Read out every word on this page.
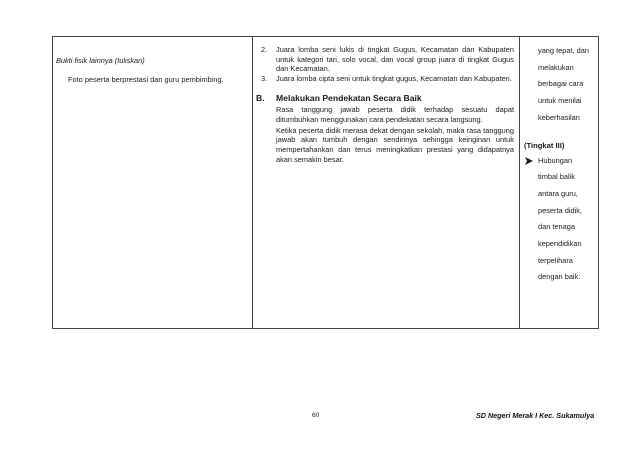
Bukti fisik lainnya (tuliskan)
Foto peserta berprestasi dan guru pembimbing.
2. Juara lomba seni lukis di tingkat Gugus, Kecamatan dan Kabupaten untuk kategori tari, solo vocal, dan vocal group juara di tingkat Gugus dan Kecamatan.
3. Juara lomba cipta seni untuk tingkat gugus, Kecamatan dan Kabupaten.
B. Melakukan Pendekatan Secara Baik
Rasa tanggung jawab peserta didik terhadap sesuatu dapat ditumbuhkan menggunakan cara pendekatan secara langsung.
Ketika peserta didik merasa dekat dengan sekolah, maka rasa tanggung jawab akan tumbuh dengan sendirinya sehingga keinginan untuk mempertahankan dan terus meningkatkan prestasi yang didapatnya akan semakin besar.
yang tepat, dan
melakukan
berbagai cara
untuk menilai
keberhasilan
(Tingkat III)
Hubungan
timbal balik
antara guru,
peserta didik,
dan tenaga
kependidikan
terpelihara
dengan baik.
60	SD Negeri Merak I Kec. Sukamulya
